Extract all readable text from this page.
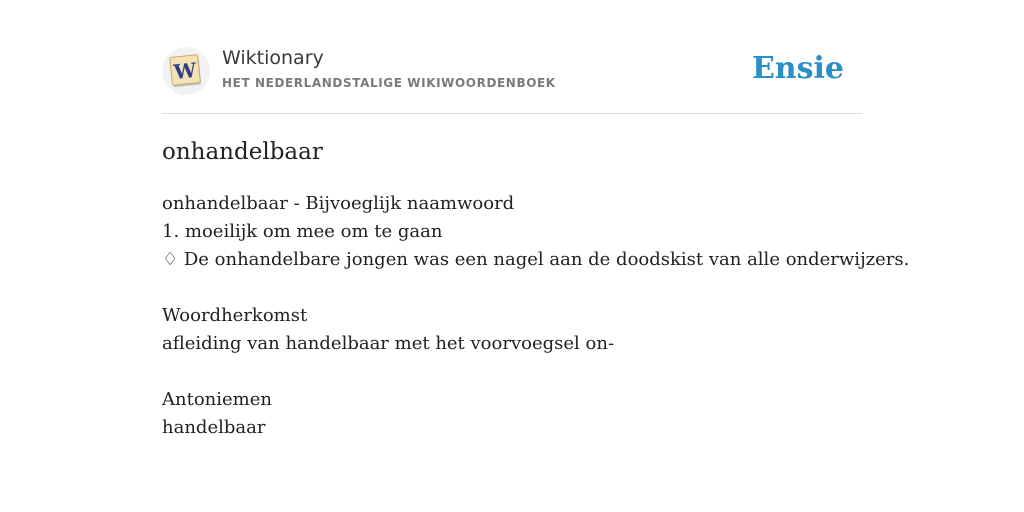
W Wiktionary
HET NEDERLANDSTALIGE WIKIWOORDENBOEK	Ensie
onhandelbaar
onhandelbaar - Bijvoeglijk naamwoord
1. moeilijk om mee om te gaan
♢ De onhandelbare jongen was een nagel aan de doodskist van alle onderwijzers.
Woordherkomst
afleiding van handelbaar met het voorvoegsel on-
Antoniemen
handelbaar
